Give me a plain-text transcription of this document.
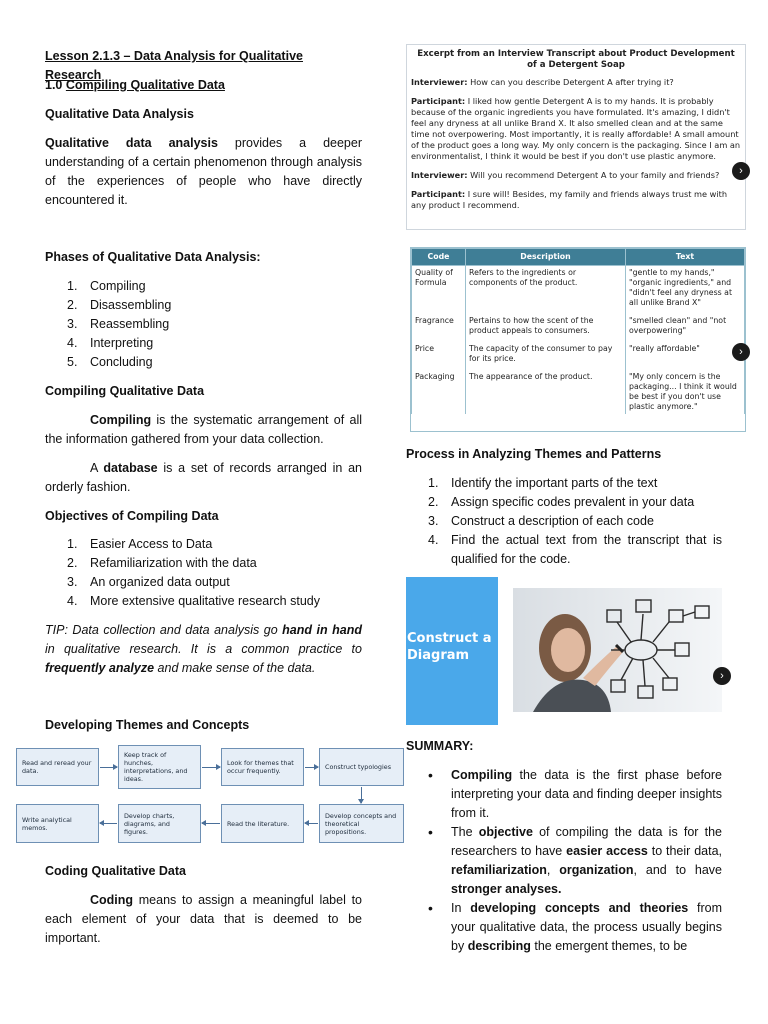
Lesson 2.1.3 – Data Analysis for Qualitative Research
1.0 Compiling Qualitative Data
Qualitative Data Analysis
Qualitative data analysis provides a deeper understanding of a certain phenomenon through analysis of the experiences of people who have directly encountered it.
Phases of Qualitative Data Analysis:
1. Compiling
2. Disassembling
3. Reassembling
4. Interpreting
5. Concluding
Compiling Qualitative Data
Compiling is the systematic arrangement of all the information gathered from your data collection.
A database is a set of records arranged in an orderly fashion.
Objectives of Compiling Data
1. Easier Access to Data
2. Refamiliarization with the data
3. An organized data output
4. More extensive qualitative research study
TIP: Data collection and data analysis go hand in hand in qualitative research. It is a common practice to frequently analyze and make sense of the data.
Developing Themes and Concepts
Read and reread your data.
Keep track of hunches, interpretations, and ideas.
Look for themes that occur frequently.	Construct typologies
Develop concepts and theoretical propositions.
Read the literature.
Develop charts, diagrams, and figures.
Write analytical memos.
Coding Qualitative Data
Coding means to assign a meaningful label to each element of your data that is deemed to be important.
Excerpt from an Interview Transcript about Product Development of a Detergent Soap

Interviewer: How can you describe Detergent A after trying it?

Participant: I liked how gentle Detergent A is to my hands. It is probably because of the organic ingredients you have formulated. It's amazing, I didn't feel any dryness at all unlike Brand X. It also smelled clean and at the same time not overpowering. Most importantly, it is really affordable! A small amount of the product goes a long way. My only concern is the packaging. Since I am an environmentalist, I think it would be best if you don't use plastic anymore.

Interviewer: Will you recommend Detergent A to your family and friends?

Participant: I sure will! Besides, my family and friends always trust me with any product I recommend.

›
Code	Description	Text
Quality of Formula	Refers to the ingredients or components of the product.	"gentle to my hands," "organic ingredients," and "didn't feel any dryness at all unlike Brand X"
Fragrance	Pertains to how the scent of the product appeals to consumers.	"smelled clean" and "not overpowering"
Price	The capacity of the consumer to pay for its price.	"really affordable"
Packaging	The appearance of the product.	"My only concern is the packaging... I think it would be best if you don't use plastic anymore."
›
Process in Analyzing Themes and Patterns
1. Identify the important parts of the text
2. Assign specific codes prevalent in your data
3. Construct a description of each code
4. Find the actual text from the transcript that is qualified for the code.
Construct a Diagram
›
SUMMARY:
• Compiling the data is the first phase before interpreting your data and finding deeper insights from it.
• The objective of compiling the data is for the researchers to have easier access to their data, refamiliarization, organization, and to have stronger analyses.
• In developing concepts and theories from your qualitative data, the process usually begins by describing the emergent themes, to be
